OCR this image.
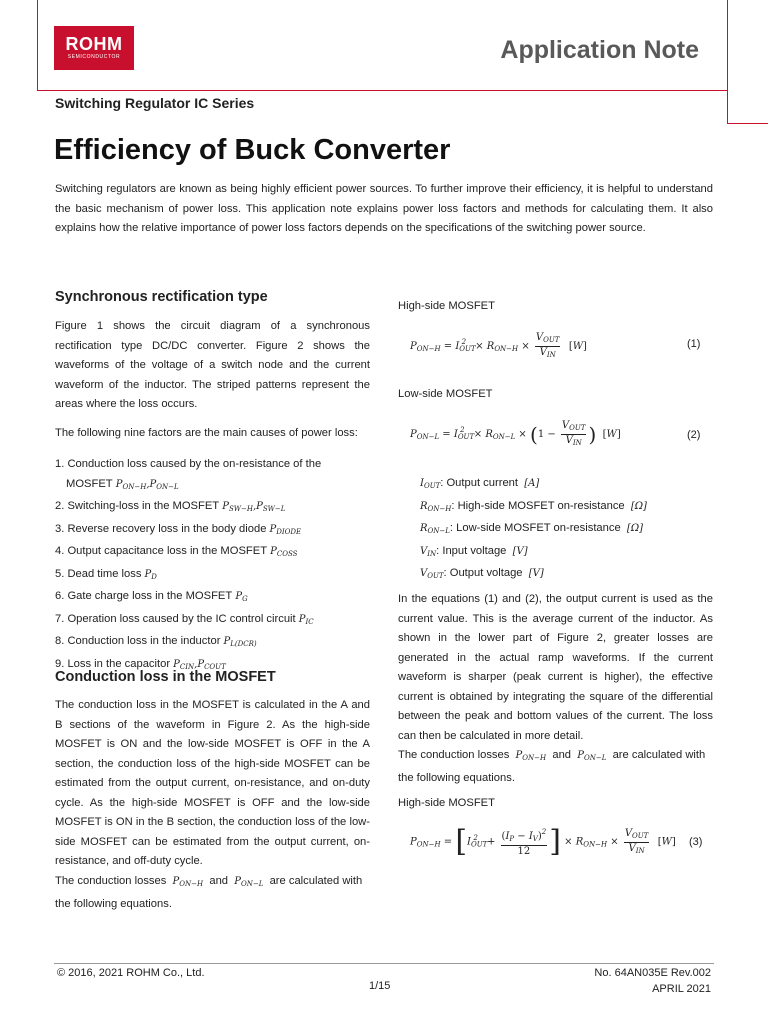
ROHM
SEMICONDUCTOR	Application Note
Switching Regulator IC Series
Efficiency of Buck Converter
Switching regulators are known as being highly efficient power sources. To further improve their efficiency, it is helpful to understand the basic mechanism of power loss. This application note explains power loss factors and methods for calculating them. It also explains how the relative importance of power loss factors depends on the specifications of the switching power source.
Synchronous rectification type
Figure 1 shows the circuit diagram of a synchronous rectification type DC/DC converter. Figure 2 shows the waveforms of the voltage of a switch node and the current waveform of the inductor. The striped patterns represent the areas where the loss occurs.
The following nine factors are the main causes of power loss:
1. Conduction loss caused by the on-resistance of the
MOSFET $P_{ON-H},P_{ON-L}$
2. Switching-loss in the MOSFET $P_{SW-H},P_{SW-L}$
3. Reverse recovery loss in the body diode $P_{DIODE}$
4. Output capacitance loss in the MOSFET $P_{COSS}$
5. Dead time loss $P_D$
6. Gate charge loss in the MOSFET $P_G$
7. Operation loss caused by the IC control circuit $P_{IC}$
8. Conduction loss in the inductor $P_{L(DCR)}$
9. Loss in the capacitor $P_{CIN},P_{COUT}$
Conduction loss in the MOSFET
The conduction loss in the MOSFET is calculated in the A and B sections of the waveform in Figure 2. As the high-side MOSFET is ON and the low-side MOSFET is OFF in the A section, the conduction loss of the high-side MOSFET can be estimated from the output current, on-resistance, and on-duty cycle. As the high-side MOSFET is OFF and the low-side MOSFET is ON in the B section, the conduction loss of the low-side MOSFET can be estimated from the output current, on-resistance, and off-duty cycle.
The conduction losses $P_{ON-H}$ and $P_{ON-L}$ are calculated with the following equations.
High-side MOSFET
$P_{ON-H} = I_{OUT}^2 \times R_{ON-H} \times \frac{V_{OUT}}{V_{IN}} [W]$	(1)
Low-side MOSFET
$P_{ON-L} = I_{OUT}^2 \times R_{ON-L} \times (1 - \frac{V_{OUT}}{V_{IN}}$ ) [W]	(2)
$I_{OUT}$: Output current [A]
$R_{ON-H}$: High-side MOSFET on-resistance [Ω]
$R_{ON-L}$: Low-side MOSFET on-resistance [Ω]
$V_{IN}$: Input voltage [V]
$V_{OUT}$: Output voltage [V]
In the equations (1) and (2), the output current is used as the current value. This is the average current of the inductor. As shown in the lower part of Figure 2, greater losses are generated in the actual ramp waveforms. If the current waveform is sharper (peak current is higher), the effective current is obtained by integrating the square of the differential between the peak and bottom values of the current. The loss can then be calculated in more detail.
The conduction losses $P_{ON-H}$ and $P_{ON-L}$ are calculated with the following equations.
High-side MOSFET
$P_{ON-H} = [I_{OUT}^2 + \frac{(I_P - I_V)^2}{12}$ ] × $R_{ON-H} \times \frac{V_{OUT}}{V_{IN}} [W]$ (3)
© 2016, 2021 ROHM Co., Ltd.
1/15
No. 64AN035E Rev.002
APRIL 2021
